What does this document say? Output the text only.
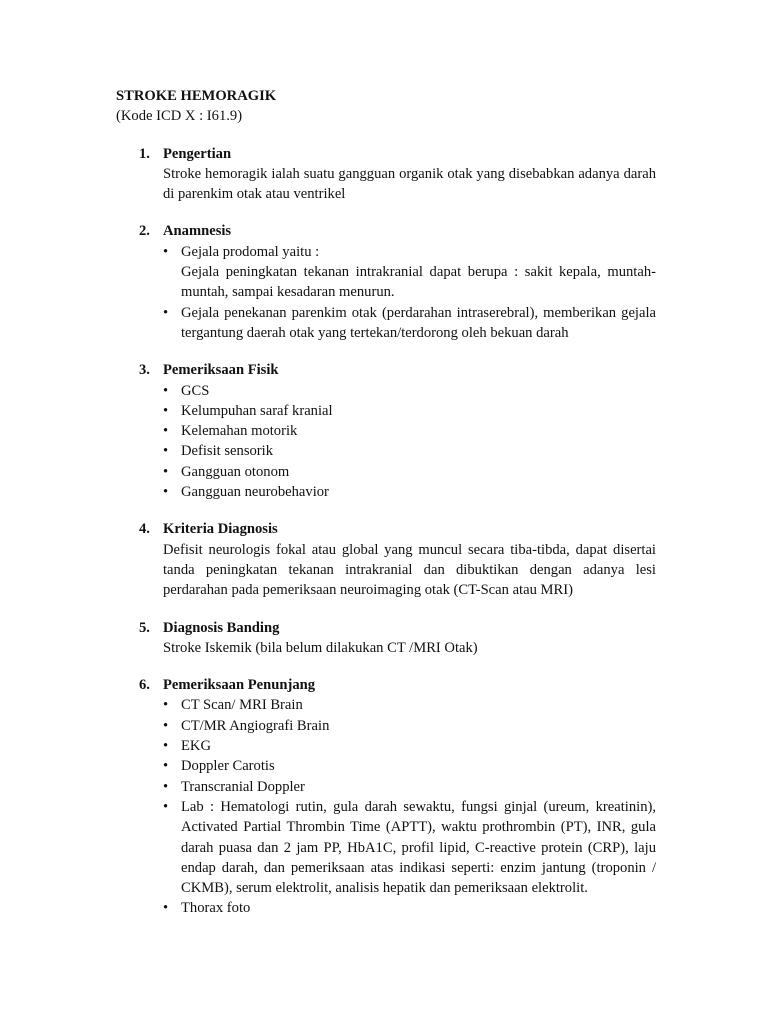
STROKE HEMORAGIK
(Kode ICD X : I61.9)
1. Pengertian
Stroke hemoragik ialah suatu gangguan organik otak yang disebabkan adanya darah di parenkim otak atau ventrikel
2. Anamnesis
• Gejala prodomal yaitu :
Gejala peningkatan tekanan intrakranial dapat berupa : sakit kepala, muntah-muntah, sampai kesadaran menurun.
• Gejala penekanan parenkim otak (perdarahan intraserebral), memberikan gejala tergantung daerah otak yang tertekan/terdorong oleh bekuan darah
3. Pemeriksaan Fisik
• GCS
• Kelumpuhan saraf kranial
• Kelemahan motorik
• Defisit sensorik
• Gangguan otonom
• Gangguan neurobehavior
4. Kriteria Diagnosis
Defisit neurologis fokal atau global yang muncul secara tiba-tibda, dapat disertai tanda peningkatan tekanan intrakranial dan dibuktikan dengan adanya lesi perdarahan pada pemeriksaan neuroimaging otak (CT-Scan atau MRI)
5. Diagnosis Banding
Stroke Iskemik (bila belum dilakukan CT /MRI Otak)
6. Pemeriksaan Penunjang
• CT Scan/ MRI Brain
• CT/MR Angiografi Brain
• EKG
• Doppler Carotis
• Transcranial Doppler
• Lab : Hematologi rutin, gula darah sewaktu, fungsi ginjal (ureum, kreatinin), Activated Partial Thrombin Time (APTT), waktu prothrombin (PT), INR, gula darah puasa dan 2 jam PP, HbA1C, profil lipid, C-reactive protein (CRP), laju endap darah, dan pemeriksaan atas indikasi seperti: enzim jantung (troponin / CKMB), serum elektrolit, analisis hepatik dan pemeriksaan elektrolit.
• Thorax foto
